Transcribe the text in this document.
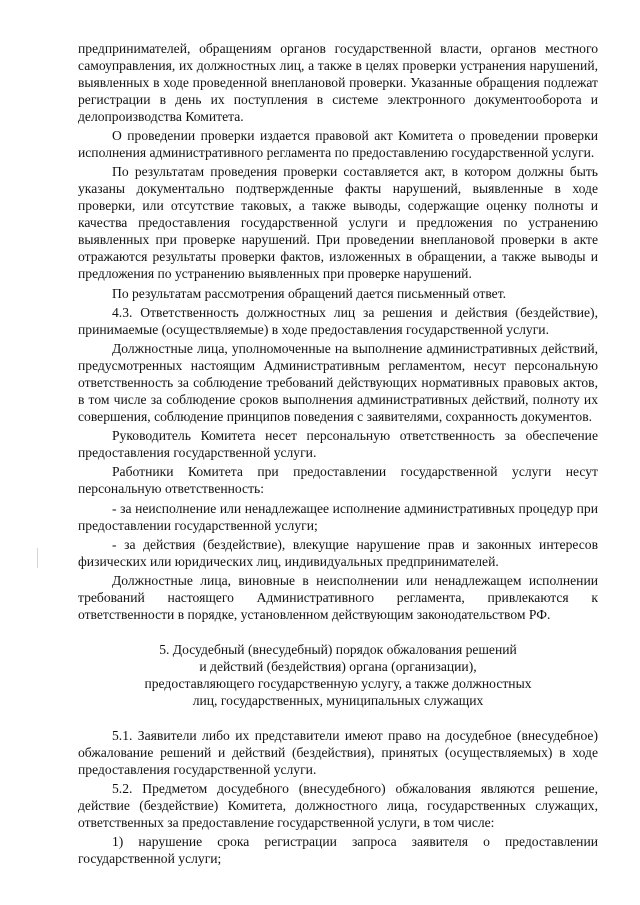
предпринимателей, обращениям органов государственной власти, органов местного самоуправления, их должностных лиц, а также в целях проверки устранения нарушений, выявленных в ходе проведенной внеплановой проверки. Указанные обращения подлежат регистрации в день их поступления в системе электронного документооборота и делопроизводства Комитета.

О проведении проверки издается правовой акт Комитета о проведении проверки исполнения административного регламента по предоставлению государственной услуги.

По результатам проведения проверки составляется акт, в котором должны быть указаны документально подтвержденные факты нарушений, выявленные в ходе проверки, или отсутствие таковых, а также выводы, содержащие оценку полноты и качества предоставления государственной услуги и предложения по устранению выявленных при проверке нарушений. При проведении внеплановой проверки в акте отражаются результаты проверки фактов, изложенных в обращении, а также выводы и предложения по устранению выявленных при проверке нарушений.

По результатам рассмотрения обращений дается письменный ответ.

4.3. Ответственность должностных лиц за решения и действия (бездействие), принимаемые (осуществляемые) в ходе предоставления государственной услуги.

Должностные лица, уполномоченные на выполнение административных действий, предусмотренных настоящим Административным регламентом, несут персональную ответственность за соблюдение требований действующих нормативных правовых актов, в том числе за соблюдение сроков выполнения административных действий, полноту их совершения, соблюдение принципов поведения с заявителями, сохранность документов.

Руководитель Комитета несет персональную ответственность за обеспечение предоставления государственной услуги.

Работники Комитета при предоставлении государственной услуги несут персональную ответственность:

- за неисполнение или ненадлежащее исполнение административных процедур при предоставлении государственной услуги;

- за действия (бездействие), влекущие нарушение прав и законных интересов физических или юридических лиц, индивидуальных предпринимателей.

Должностные лица, виновные в неисполнении или ненадлежащем исполнении требований настоящего Административного регламента, привлекаются к ответственности в порядке, установленном действующим законодательством РФ.

5. Досудебный (внесудебный) порядок обжалования решений
и действий (бездействия) органа (организации),
предоставляющего государственную услугу, а также должностных
лиц, государственных, муниципальных служащих

5.1. Заявители либо их представители имеют право на досудебное (внесудебное) обжалование решений и действий (бездействия), принятых (осуществляемых) в ходе предоставления государственной услуги.

5.2. Предметом досудебного (внесудебного) обжалования являются решение, действие (бездействие) Комитета, должностного лица, государственных служащих, ответственных за предоставление государственной услуги, в том числе:

1) нарушение срока регистрации запроса заявителя о предоставлении государственной услуги;
